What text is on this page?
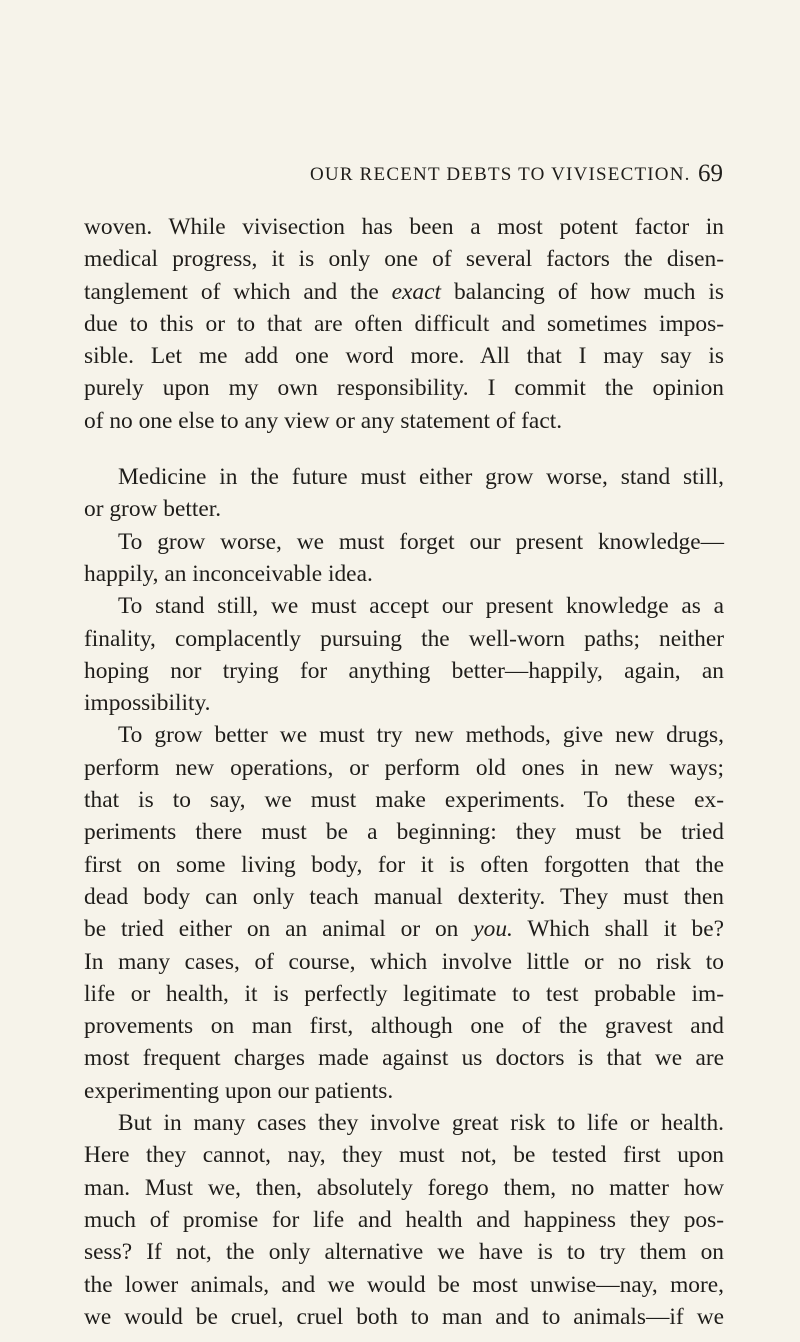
OUR RECENT DEBTS TO VIVISECTION. 69
woven. While vivisection has been a most potent factor in
medical progress, it is only one of several factors the disen-
tanglement of which and the exact balancing of how much is
due to this or to that are often difficult and sometimes impos-
sible. Let me add one word more. All that I may say is
purely upon my own responsibility. I commit the opinion
of no one else to any view or any statement of fact.
Medicine in the future must either grow worse, stand still,
or grow better.
To grow worse, we must forget our present knowledge—
happily, an inconceivable idea.
To stand still, we must accept our present knowledge as a
finality, complacently pursuing the well-worn paths; neither
hoping nor trying for anything better—happily, again, an
impossibility.
To grow better we must try new methods, give new drugs,
perform new operations, or perform old ones in new ways;
that is to say, we must make experiments. To these ex-
periments there must be a beginning: they must be tried
first on some living body, for it is often forgotten that the
dead body can only teach manual dexterity. They must then
be tried either on an animal or on you. Which shall it be?
In many cases, of course, which involve little or no risk to
life or health, it is perfectly legitimate to test probable im-
provements on man first, although one of the gravest and
most frequent charges made against us doctors is that we are
experimenting upon our patients.
But in many cases they involve great risk to life or health.
Here they cannot, nay, they must not, be tested first upon
man. Must we, then, absolutely forego them, no matter how
much of promise for life and health and happiness they pos-
sess? If not, the only alternative we have is to try them on
the lower animals, and we would be most unwise—nay, more,
we would be cruel, cruel both to man and to animals—if we
